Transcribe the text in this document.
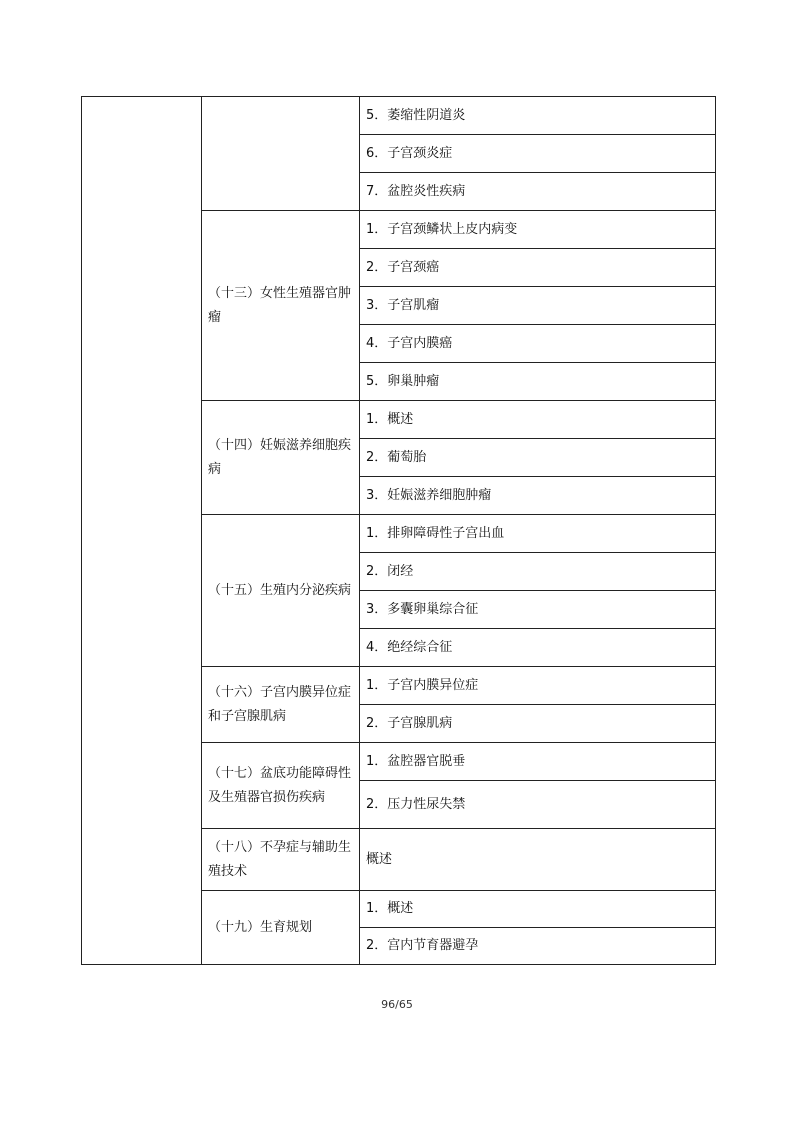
		5．萎缩性阴道炎
		6．子宫颈炎症
		7．盆腔炎性疾病
	（十三）女性生殖器官肿瘤	1．子宫颈鳞状上皮内病变
		2．子宫颈癌
		3．子宫肌瘤
		4．子宫内膜癌
		5．卵巢肿瘤
	（十四）妊娠滋养细胞疾病	1．概述
		2．葡萄胎
		3．妊娠滋养细胞肿瘤
	（十五）生殖内分泌疾病	1．排卵障碍性子宫出血
		2．闭经
		3．多囊卵巢综合征
		4．绝经综合征
	（十六）子宫内膜异位症和子宫腺肌病	1．子宫内膜异位症
		2．子宫腺肌病
	（十七）盆底功能障碍性及生殖器官损伤疾病	1．盆腔器官脱垂
		2．压力性尿失禁
	（十八）不孕症与辅助生殖技术	概述
	（十九）生育规划	1．概述
		2．宫内节育器避孕
96/65
